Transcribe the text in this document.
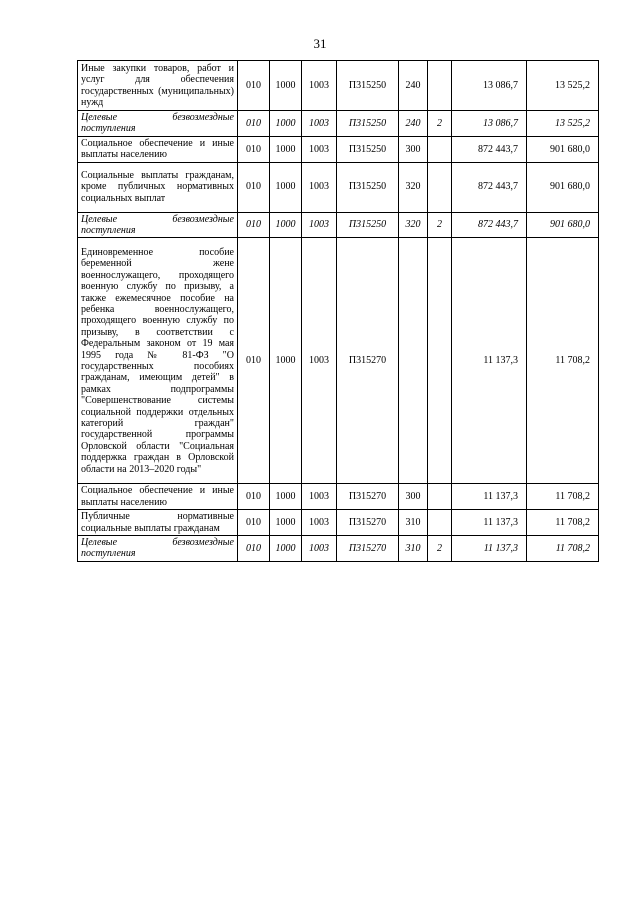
31
Иные закупки товаров, работ и услуг для обеспечения государственных (муниципальных) нужд	010	1000	1003	П315250	240		13 086,7	13 525,2
Целевые безвозмездные поступления	010	1000	1003	П315250	240	2	13 086,7	13 525,2
Социальное обеспечение и иные выплаты населению	010	1000	1003	П315250	300		872 443,7	901 680,0
Социальные выплаты гражданам, кроме публичных нормативных социальных выплат	010	1000	1003	П315250	320		872 443,7	901 680,0
Целевые безвозмездные поступления	010	1000	1003	П315250	320	2	872 443,7	901 680,0
Единовременное пособие беременной жене военнослужащего, проходящего военную службу по призыву, а также ежемесячное пособие на ребенка военнослужащего, проходящего военную службу по призыву, в соответствии с Федеральным законом от 19 мая 1995 года № 81-ФЗ "О государственных пособиях гражданам, имеющим детей" в рамках подпрограммы "Совершенствование системы социальной поддержки отдельных категорий граждан" государственной программы Орловской области "Социальная поддержка граждан в Орловской области на 2013–2020 годы"	010	1000	1003	П315270			11 137,3	11 708,2
Социальное обеспечение и иные выплаты населению	010	1000	1003	П315270	300		11 137,3	11 708,2
Публичные нормативные социальные выплаты гражданам	010	1000	1003	П315270	310		11 137,3	11 708,2
Целевые безвозмездные поступления	010	1000	1003	П315270	310	2	11 137,3	11 708,2
